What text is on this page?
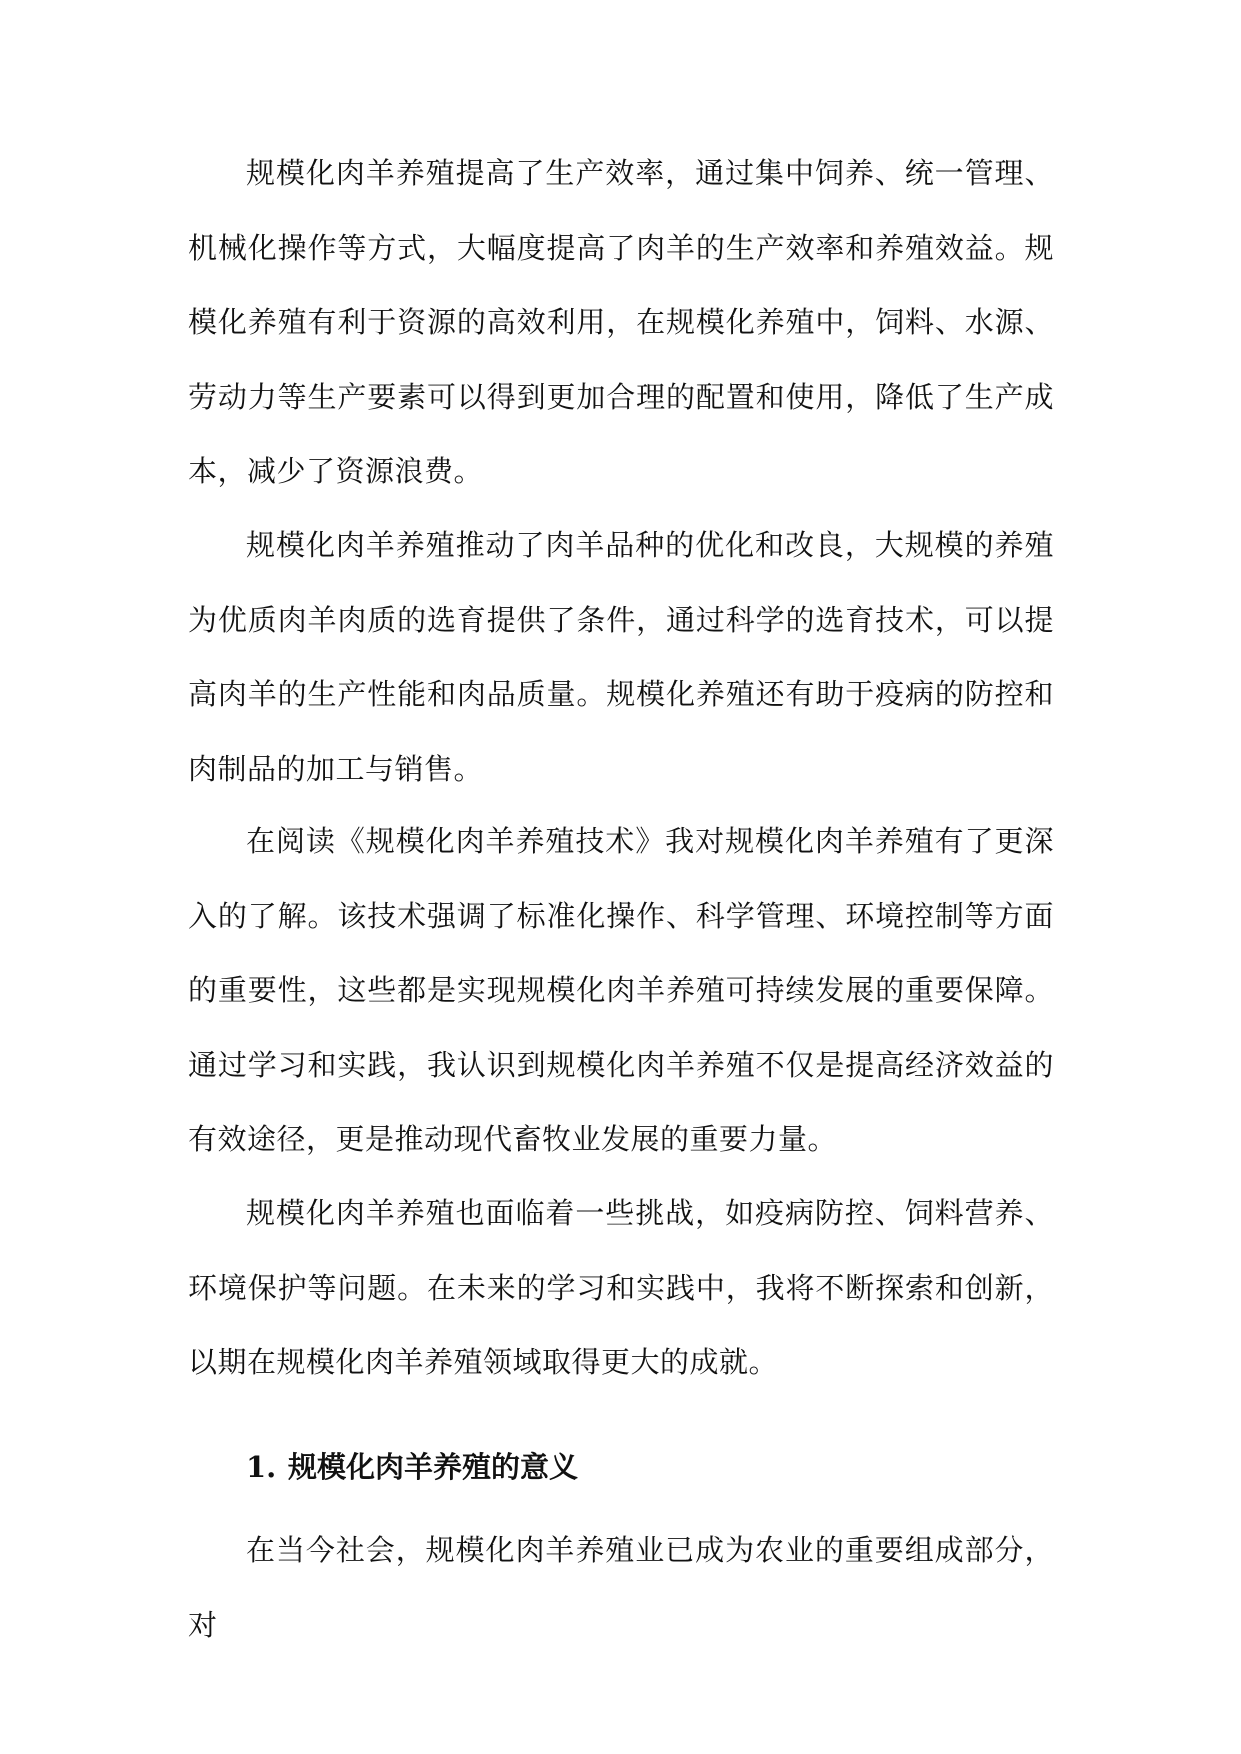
规模化肉羊养殖提高了生产效率，通过集中饲养、统一管理、机械化操作等方式，大幅度提高了肉羊的生产效率和养殖效益。规模化养殖有利于资源的高效利用，在规模化养殖中，饲料、水源、劳动力等生产要素可以得到更加合理的配置和使用，降低了生产成本，减少了资源浪费。

规模化肉羊养殖推动了肉羊品种的优化和改良，大规模的养殖为优质肉羊肉质的选育提供了条件，通过科学的选育技术，可以提高肉羊的生产性能和肉品质量。规模化养殖还有助于疫病的防控和肉制品的加工与销售。

在阅读《规模化肉羊养殖技术》我对规模化肉羊养殖有了更深入的了解。该技术强调了标准化操作、科学管理、环境控制等方面的重要性，这些都是实现规模化肉羊养殖可持续发展的重要保障。通过学习和实践，我认识到规模化肉羊养殖不仅是提高经济效益的有效途径，更是推动现代畜牧业发展的重要力量。

规模化肉羊养殖也面临着一些挑战，如疫病防控、饲料营养、环境保护等问题。在未来的学习和实践中，我将不断探索和创新，以期在规模化肉羊养殖领域取得更大的成就。

1. 规模化肉羊养殖的意义

在当今社会，规模化肉羊养殖业已成为农业的重要组成部分，对
